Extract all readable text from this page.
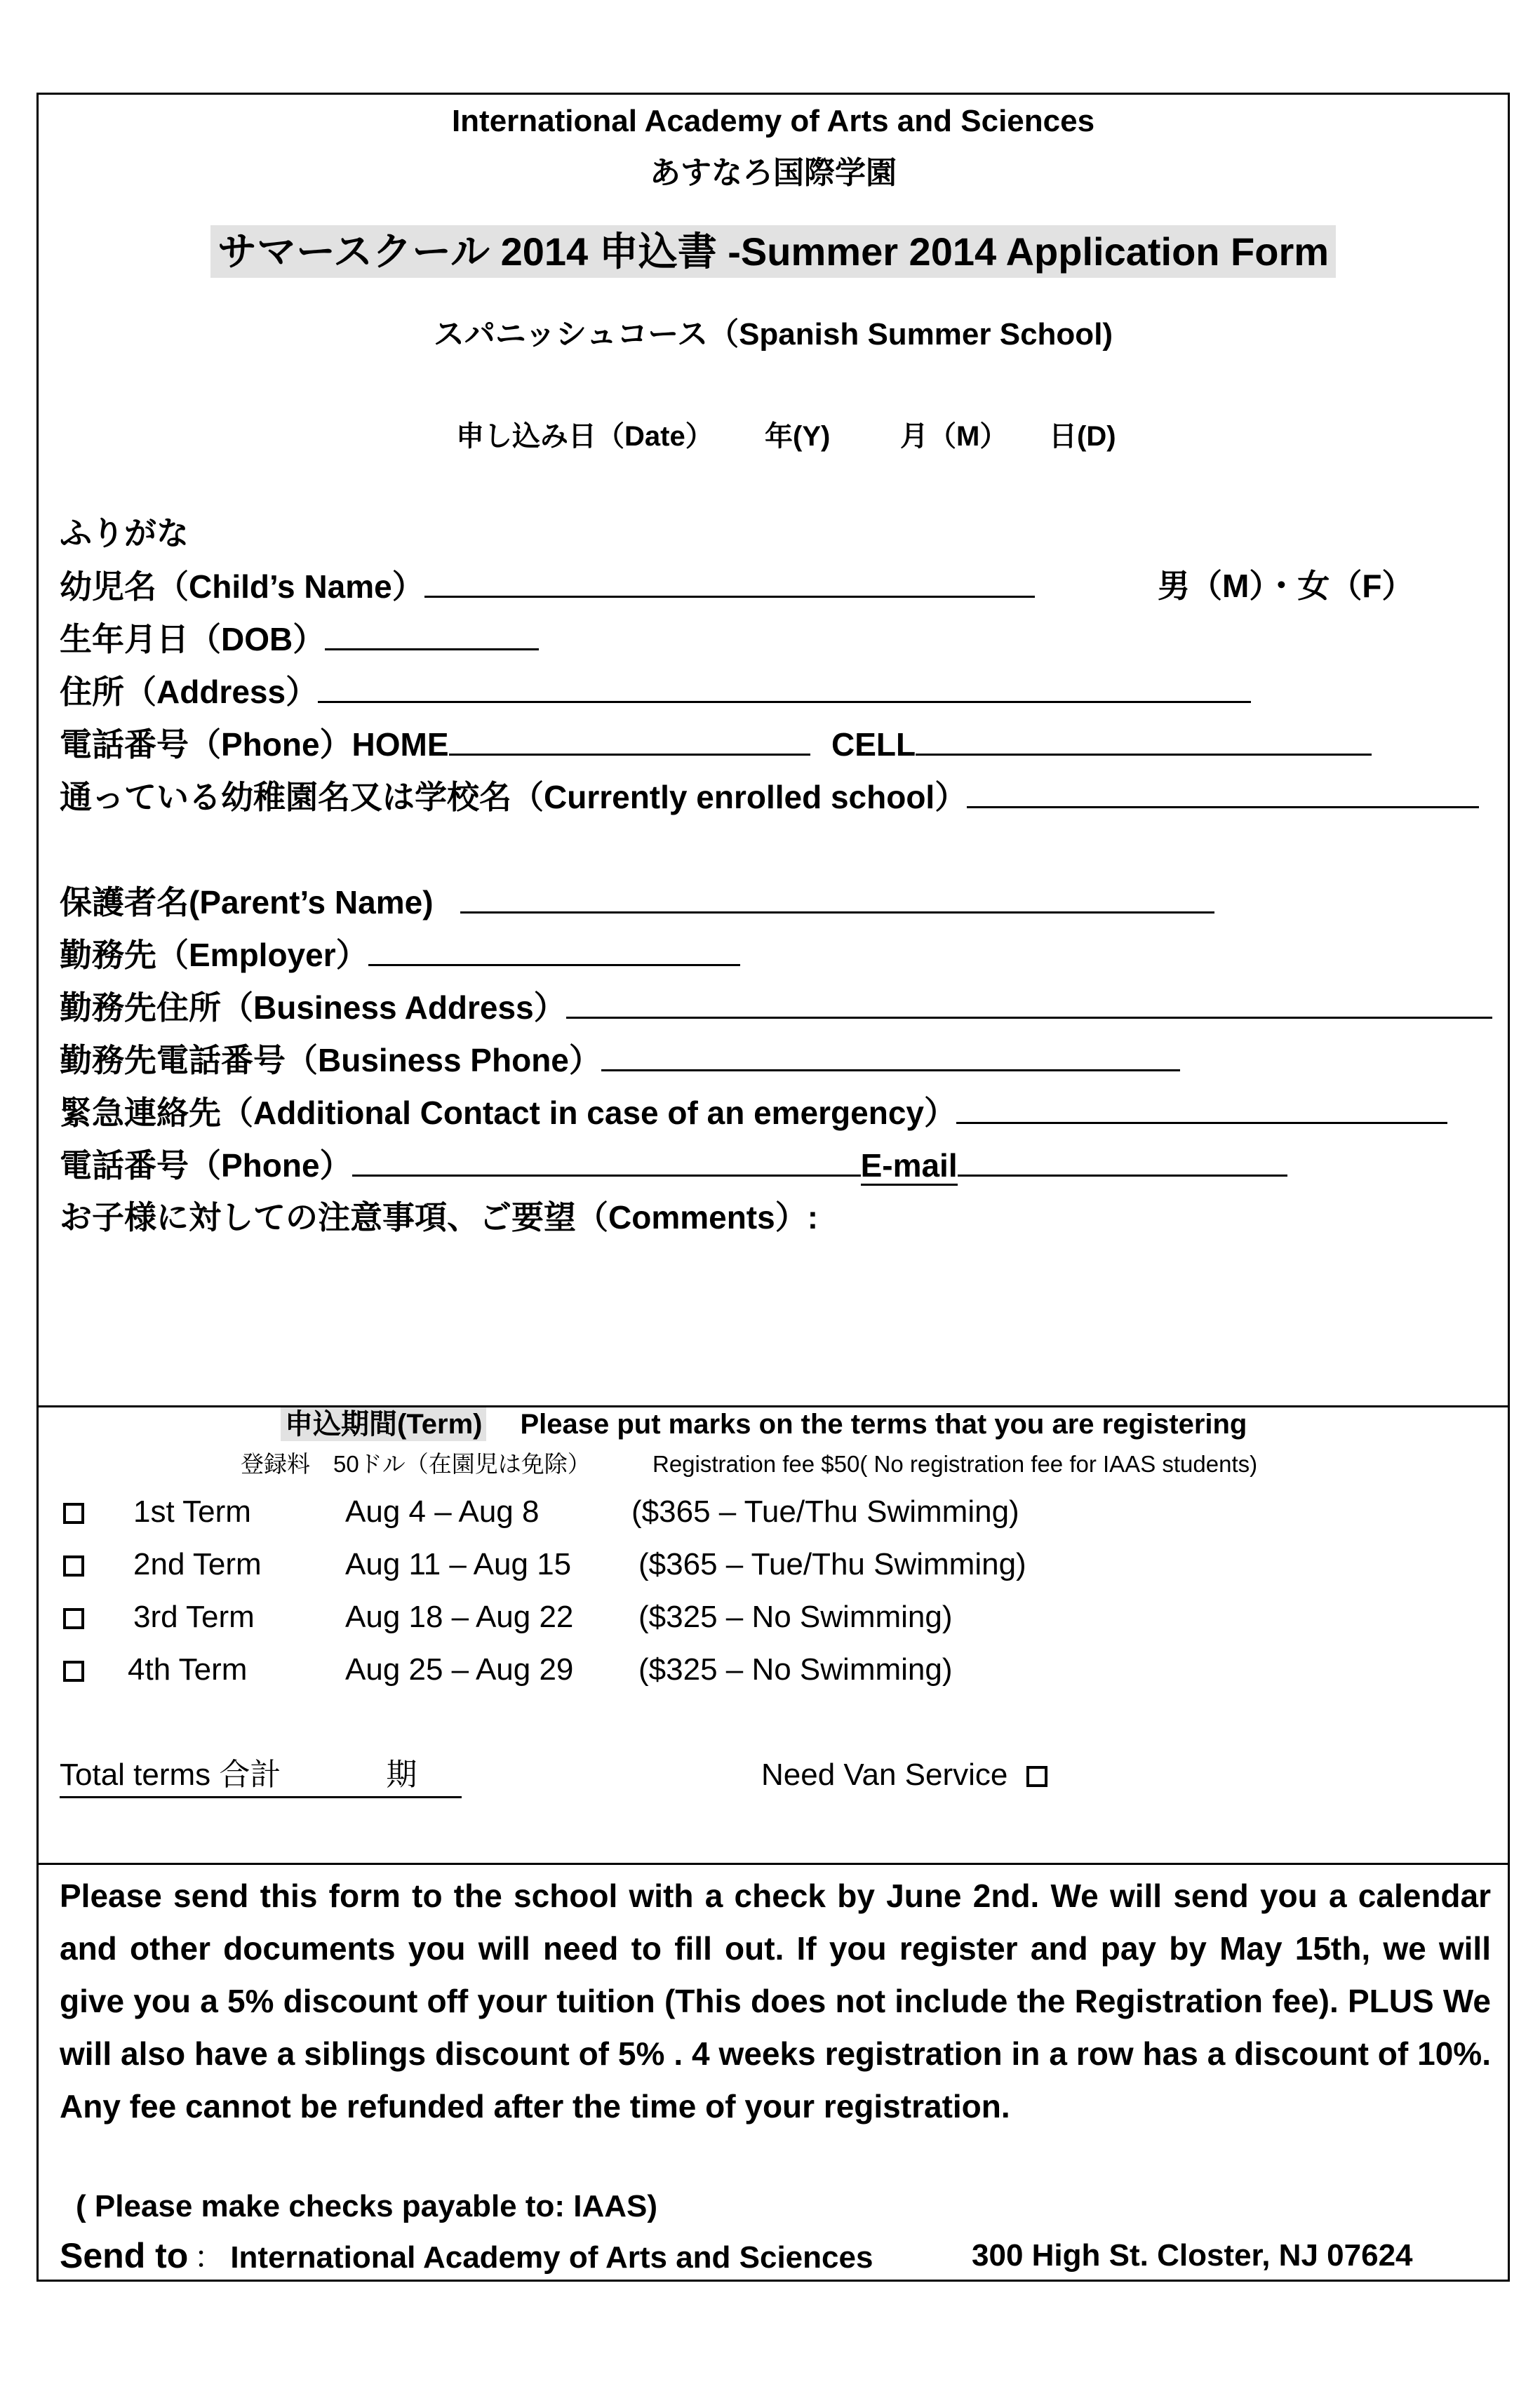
International Academy of Arts and Sciences
あすなろ国際学園
サマースクール 2014 申込書 -Summer 2014 Application Form
スパニッシュコース（Spanish Summer School)
申し込み日（Date） 年(Y) 月（M） 日(D)
ふりがな
幼児名（Child’s Name）	男（M）・女（F）
生年月日（DOB）
住所（Address）
電話番号（Phone）HOME	CELL
通っている幼稚園名又は学校名（Currently enrolled school）
保護者名(Parent’s Name)
勤務先（Employer）
勤務先住所（Business Address）
勤務先電話番号（Business Phone）
緊急連絡先（Additional Contact in case of an emergency）
電話番号（Phone）	E-mail
お子様に対しての注意事項、ご要望（Comments）:
申込期間(Term) Please put marks on the terms that you are registering
登録料　50ドル（在園児は免除）	Registration fee $50( No registration fee for IAAS students)
1st Term	Aug 4 – Aug 8	($365 – Tue/Thu Swimming)
2nd Term	Aug 11 – Aug 15 ($365 – Tue/Thu Swimming)
3rd Term	Aug 18 – Aug 22 ($325 – No Swimming)
4th Term	Aug 25 – Aug 29 ($325 – No Swimming)
Total terms 合計	期	Need Van Service

Please send this form to the school with a check by June 2nd. We will send you a calendar and other documents you will need to fill out. If you register and pay by May 15th, we will give you a 5% discount off your tuition (This does not include the Registration fee). PLUS We will also have a siblings discount of 5% . 4 weeks registration in a row has a discount of 10%. Any fee cannot be refunded after the time of your registration.

( Please make checks payable to: IAAS)
Send to ： International Academy of Arts and Sciences	300 High St. Closter, NJ 07624
